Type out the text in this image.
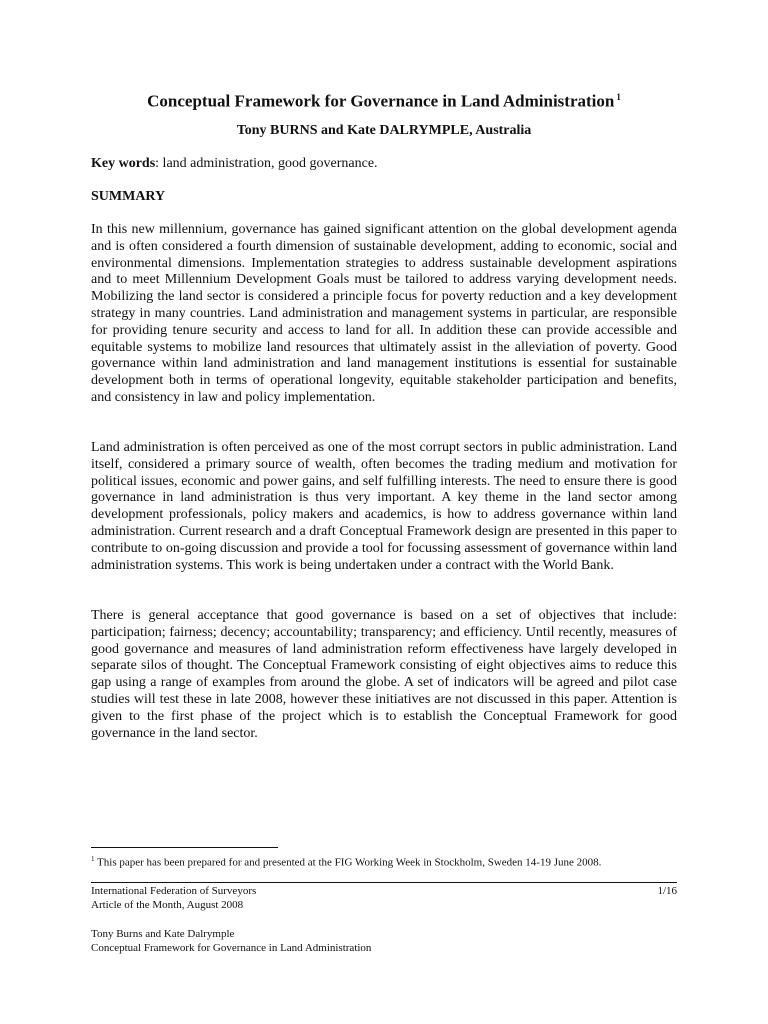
Conceptual Framework for Governance in Land Administration $^1$
Tony BURNS and Kate DALRYMPLE, Australia
Key words: land administration, good governance.
SUMMARY

In this new millennium, governance has gained significant attention on the global development agenda and is often considered a fourth dimension of sustainable development, adding to economic, social and environmental dimensions. Implementation strategies to address sustainable development aspirations and to meet Millennium Development Goals must be tailored to address varying development needs. Mobilizing the land sector is considered a principle focus for poverty reduction and a key development strategy in many countries. Land administration and management systems in particular, are responsible for providing tenure security and access to land for all. In addition these can provide accessible and equitable systems to mobilize land resources that ultimately assist in the alleviation of poverty. Good governance within land administration and land management institutions is essential for sustainable development both in terms of operational longevity, equitable stakeholder participation and benefits, and consistency in law and policy implementation.

Land administration is often perceived as one of the most corrupt sectors in public administration. Land itself, considered a primary source of wealth, often becomes the trading medium and motivation for political issues, economic and power gains, and self fulfilling interests. The need to ensure there is good governance in land administration is thus very important. A key theme in the land sector among development professionals, policy makers and academics, is how to address governance within land administration. Current research and a draft Conceptual Framework design are presented in this paper to contribute to on-going discussion and provide a tool for focussing assessment of governance within land administration systems. This work is being undertaken under a contract with the World Bank.

There is general acceptance that good governance is based on a set of objectives that include: participation; fairness; decency; accountability; transparency; and efficiency. Until recently, measures of good governance and measures of land administration reform effectiveness have largely developed in separate silos of thought. The Conceptual Framework consisting of eight objectives aims to reduce this gap using a range of examples from around the globe. A set of indicators will be agreed and pilot case studies will test these in late 2008, however these initiatives are not discussed in this paper. Attention is given to the first phase of the project which is to establish the Conceptual Framework for good governance in the land sector.

$^1$ This paper has been prepared for and presented at the FIG Working Week in Stockholm, Sweden 14-19 June 2008.
International Federation of Surveyors
Article of the Month, August 2008
1/16
Tony Burns and Kate Dalrymple
Conceptual Framework for Governance in Land Administration
